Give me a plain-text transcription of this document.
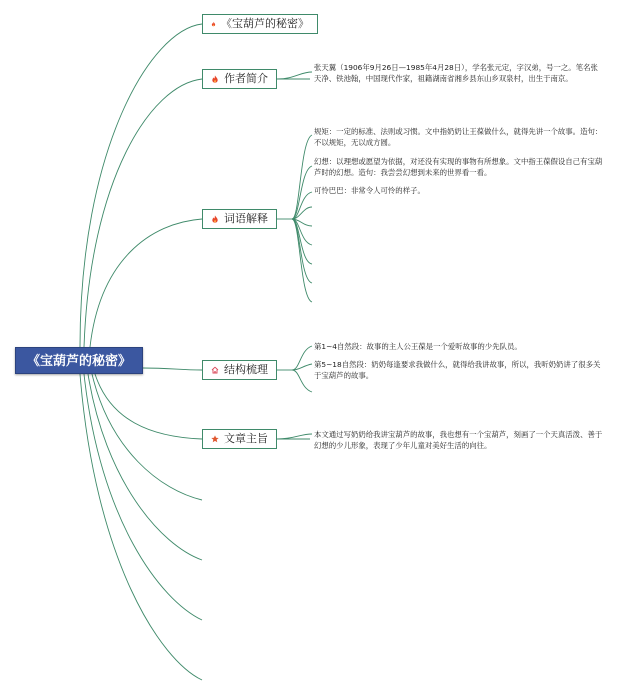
《宝葫芦的秘密》
《宝葫芦的秘密》
作者简介
词语解释
结构梳理
文章主旨
张天翼（1906年9月26日—1985年4月28日），学名张元定，字汉弟，号一之。笔名张天净、铁池翰，中国现代作家，祖籍湖南省湘乡县东山乡双泉村，出生于南京。
规矩：一定的标准、法则或习惯。文中指奶奶让王葆做什么，就得先讲一个故事。造句：不以规矩，无以成方圆。
幻想：以理想或愿望为依据，对还没有实现的事物有所想象。文中指王葆假设自己有宝葫芦时的幻想。造句：我尝尝幻想到未来的世界看一看。
可怜巴巴：非常令人可怜的样子。
第1~4自然段：故事的主人公王葆是一个爱听故事的少先队员。
第5~18自然段：奶奶每逢要求我做什么，就得给我讲故事，所以，我听奶奶讲了很多关于宝葫芦的故事。
本文通过写奶奶给我讲宝葫芦的故事，我也想有一个宝葫芦，刻画了一个天真活泼、善于幻想的少儿形象，表现了少年儿童对美好生活的向往。
